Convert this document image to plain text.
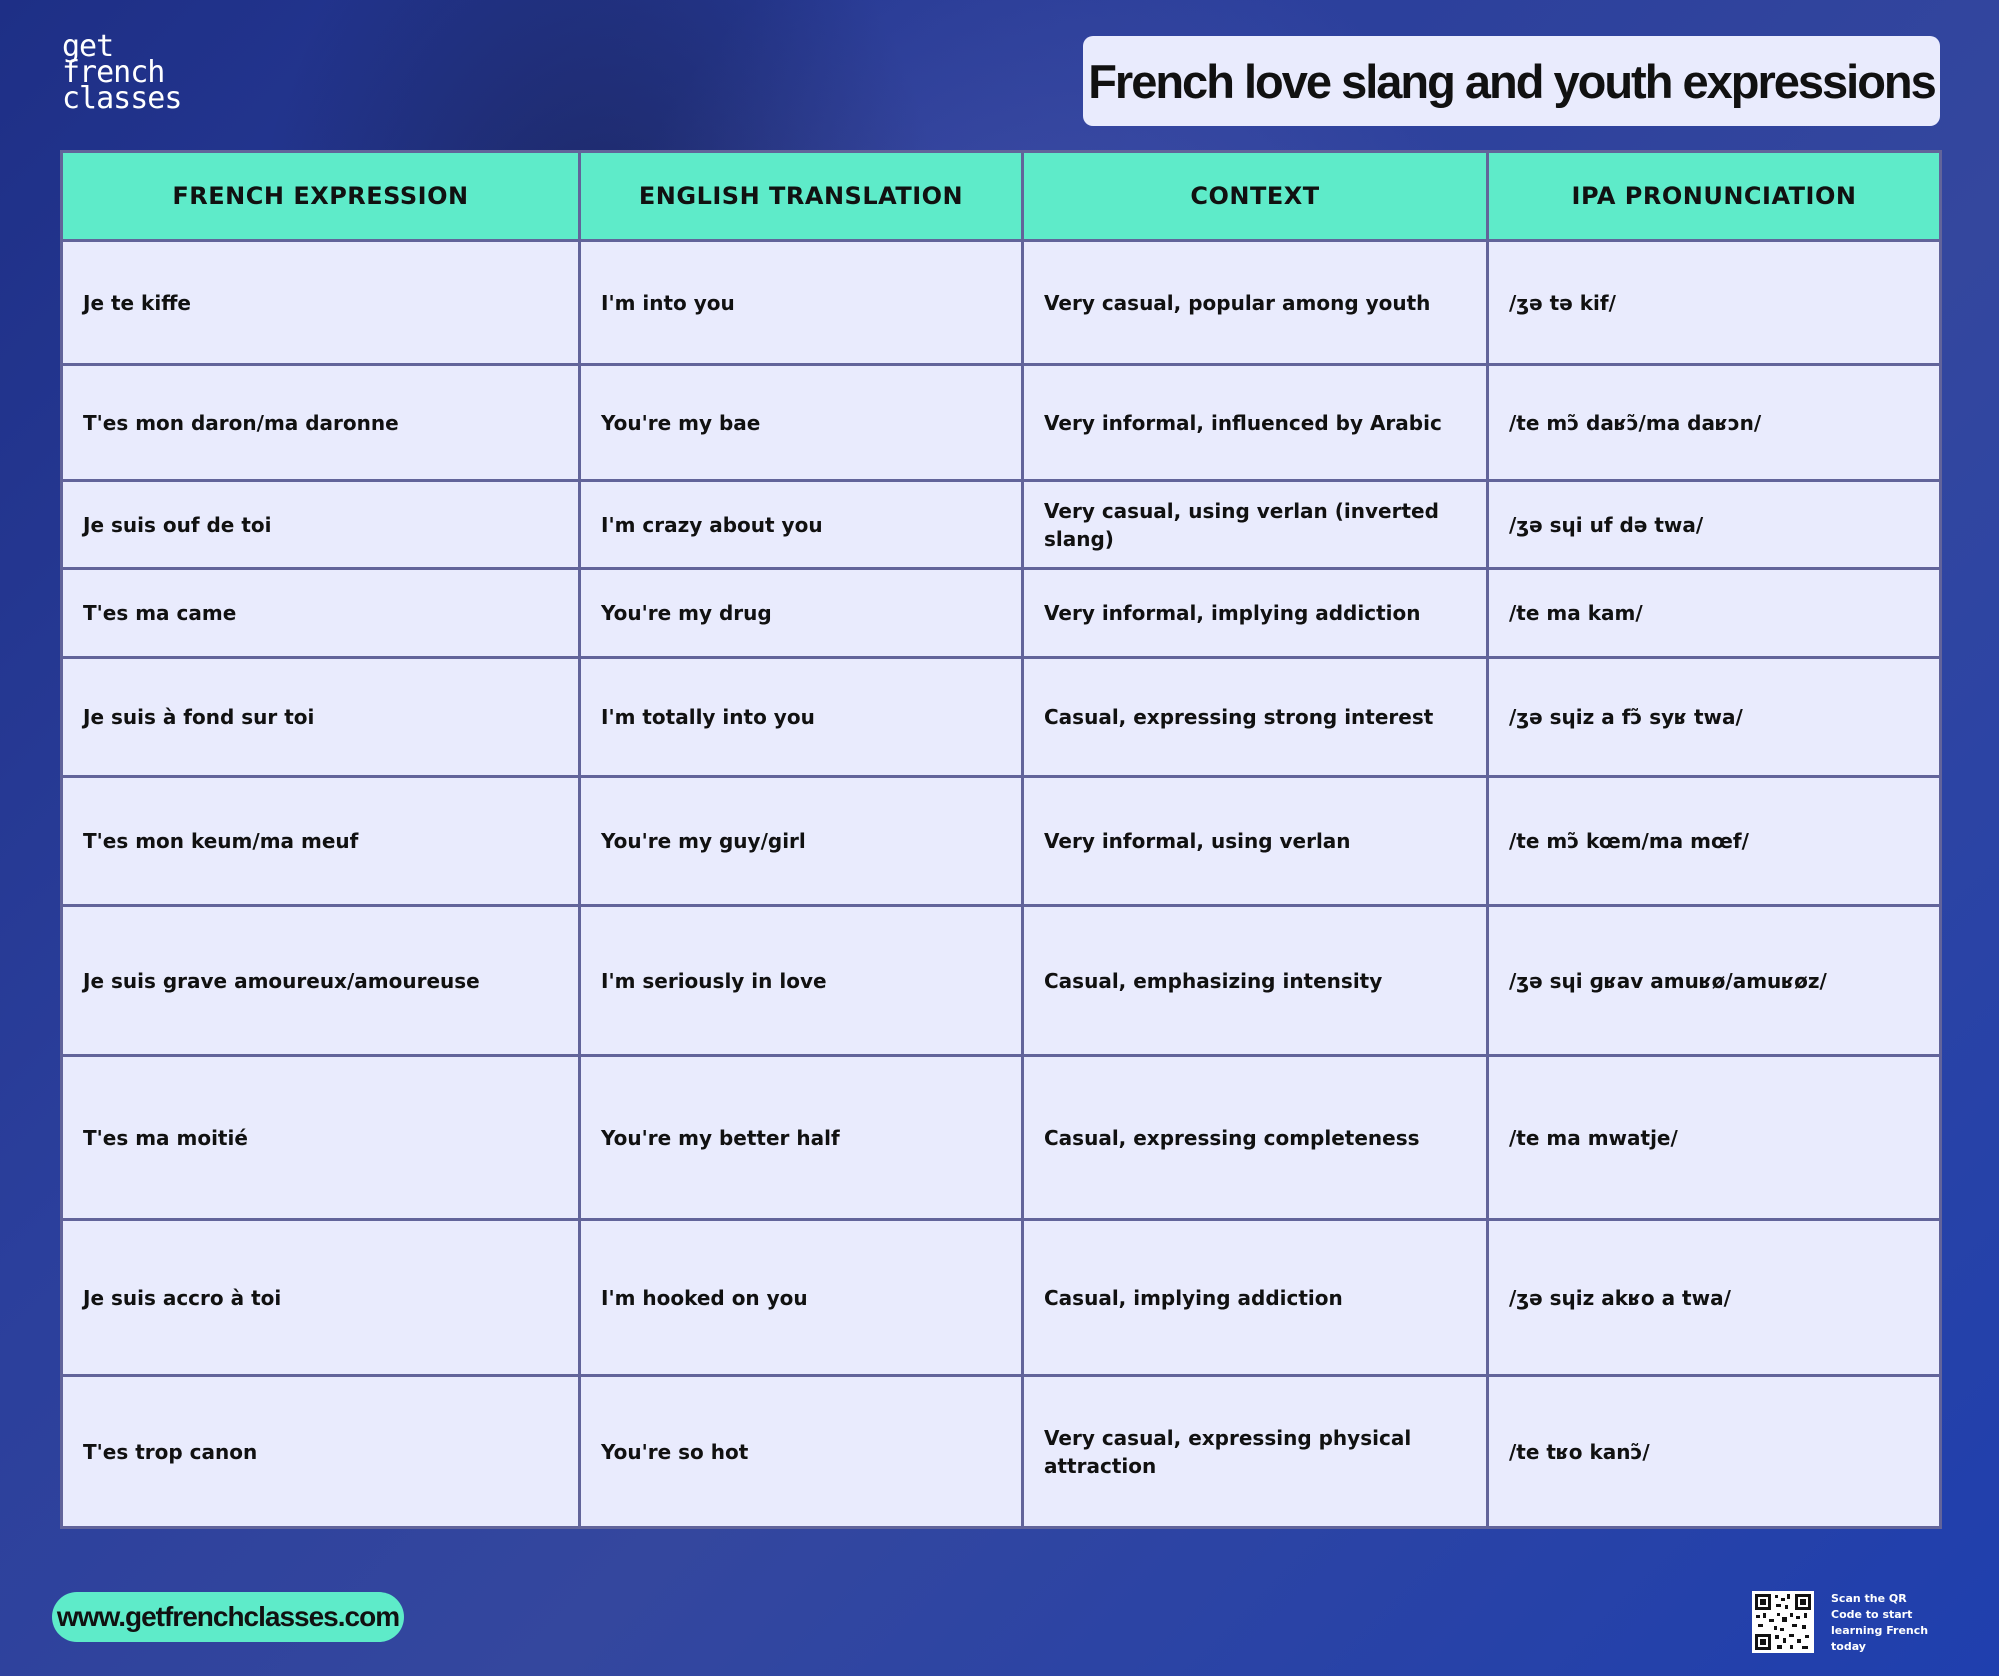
get
french
classes	French love slang and youth expressions
FRENCH EXPRESSION	ENGLISH TRANSLATION	CONTEXT	IPA PRONUNCIATION
Je te kiffe	I'm into you	Very casual, popular among youth	/ʒə tə kif/
T'es mon daron/ma daronne	You're my bae	Very informal, influenced by Arabic	/te mɔ̃ daʁɔ̃/ma daʁɔn/
Je suis ouf de toi	I'm crazy about you	Very casual, using verlan (inverted slang)	/ʒə sɥi uf də twa/
T'es ma came	You're my drug	Very informal, implying addiction	/te ma kam/
Je suis à fond sur toi	I'm totally into you	Casual, expressing strong interest	/ʒə sɥiz a fɔ̃ syʁ twa/
T'es mon keum/ma meuf	You're my guy/girl	Very informal, using verlan	/te mɔ̃ kœm/ma mœf/
Je suis grave amoureux/amoureuse	I'm seriously in love	Casual, emphasizing intensity	/ʒə sɥi ɡʁav amuʁø/amuʁøz/
T'es ma moitié	You're my better half	Casual, expressing completeness	/te ma mwatje/
Je suis accro à toi	I'm hooked on you	Casual, implying addiction	/ʒə sɥiz akʁo a twa/
T'es trop canon	You're so hot	Very casual, expressing physical attraction	/te tʁo kanɔ̃/
www.getfrenchclasses.com
Scan the QR Code to start learning French today
